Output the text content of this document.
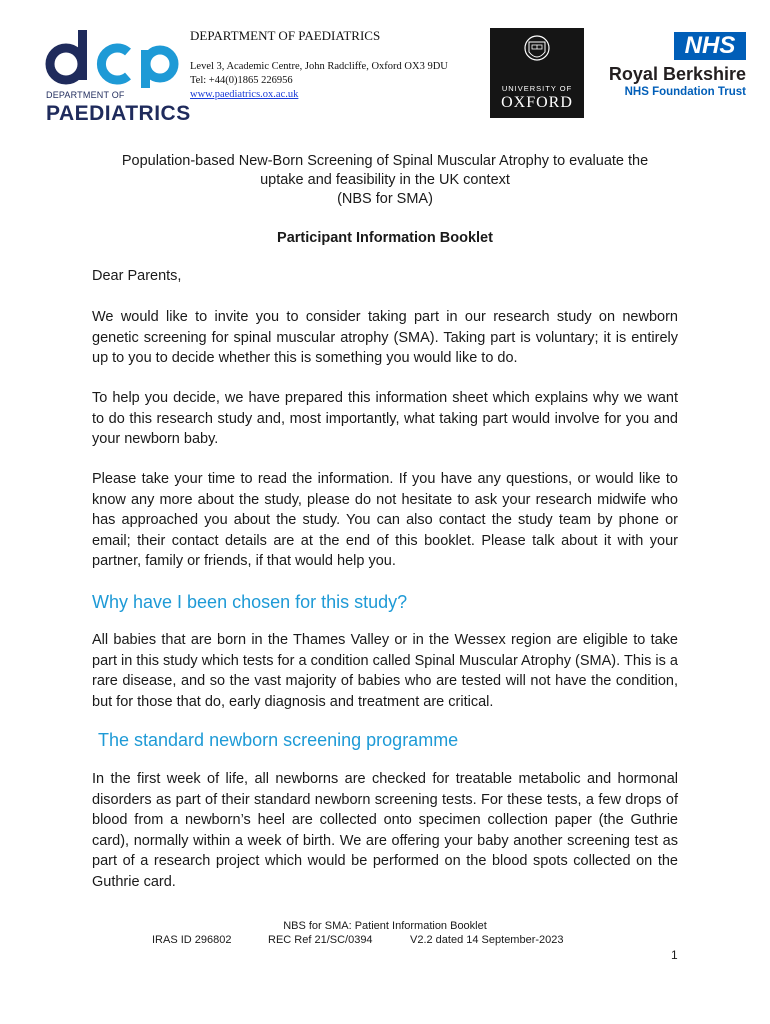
DEPARTMENT OF
PAEDIATRICS
DEPARTMENT OF PAEDIATRICS
Level 3, Academic Centre, John Radcliffe, Oxford OX3 9DU
Tel: +44(0)1865 226956
www.paediatrics.ox.ac.uk
UNIVERSITY OF
OXFORD
NHS
Royal Berkshire
NHS Foundation Trust
Population-based New-Born Screening of Spinal Muscular Atrophy to evaluate the
uptake and feasibility in the UK context
(NBS for SMA)
Participant Information Booklet
Dear Parents,
We would like to invite you to consider taking part in our research study on newborn genetic screening for spinal muscular atrophy (SMA). Taking part is voluntary; it is entirely up to you to decide whether this is something you would like to do.
To help you decide, we have prepared this information sheet which explains why we want to do this research study and, most importantly, what taking part would involve for you and your newborn baby.
Please take your time to read the information. If you have any questions, or would like to know any more about the study, please do not hesitate to ask your research midwife who has approached you about the study. You can also contact the study team by phone or email; their contact details are at the end of this booklet. Please talk about it with your partner, family or friends, if that would help you.
Why have I been chosen for this study?
All babies that are born in the Thames Valley or in the Wessex region are eligible to take part in this study which tests for a condition called Spinal Muscular Atrophy (SMA). This is a rare disease, and so the vast majority of babies who are tested will not have the condition, but for those that do, early diagnosis and treatment are critical.
The standard newborn screening programme
In the first week of life, all newborns are checked for treatable metabolic and hormonal disorders as part of their standard newborn screening tests. For these tests, a few drops of blood from a newborn’s heel are collected onto specimen collection paper (the Guthrie card), normally within a week of birth. We are offering your baby another screening test as part of a research project which would be performed on the blood spots collected on the Guthrie card.
NBS for SMA: Patient Information Booklet
IRAS ID 296802	REC Ref 21/SC/0394	V2.2 dated 14 September-2023
1
